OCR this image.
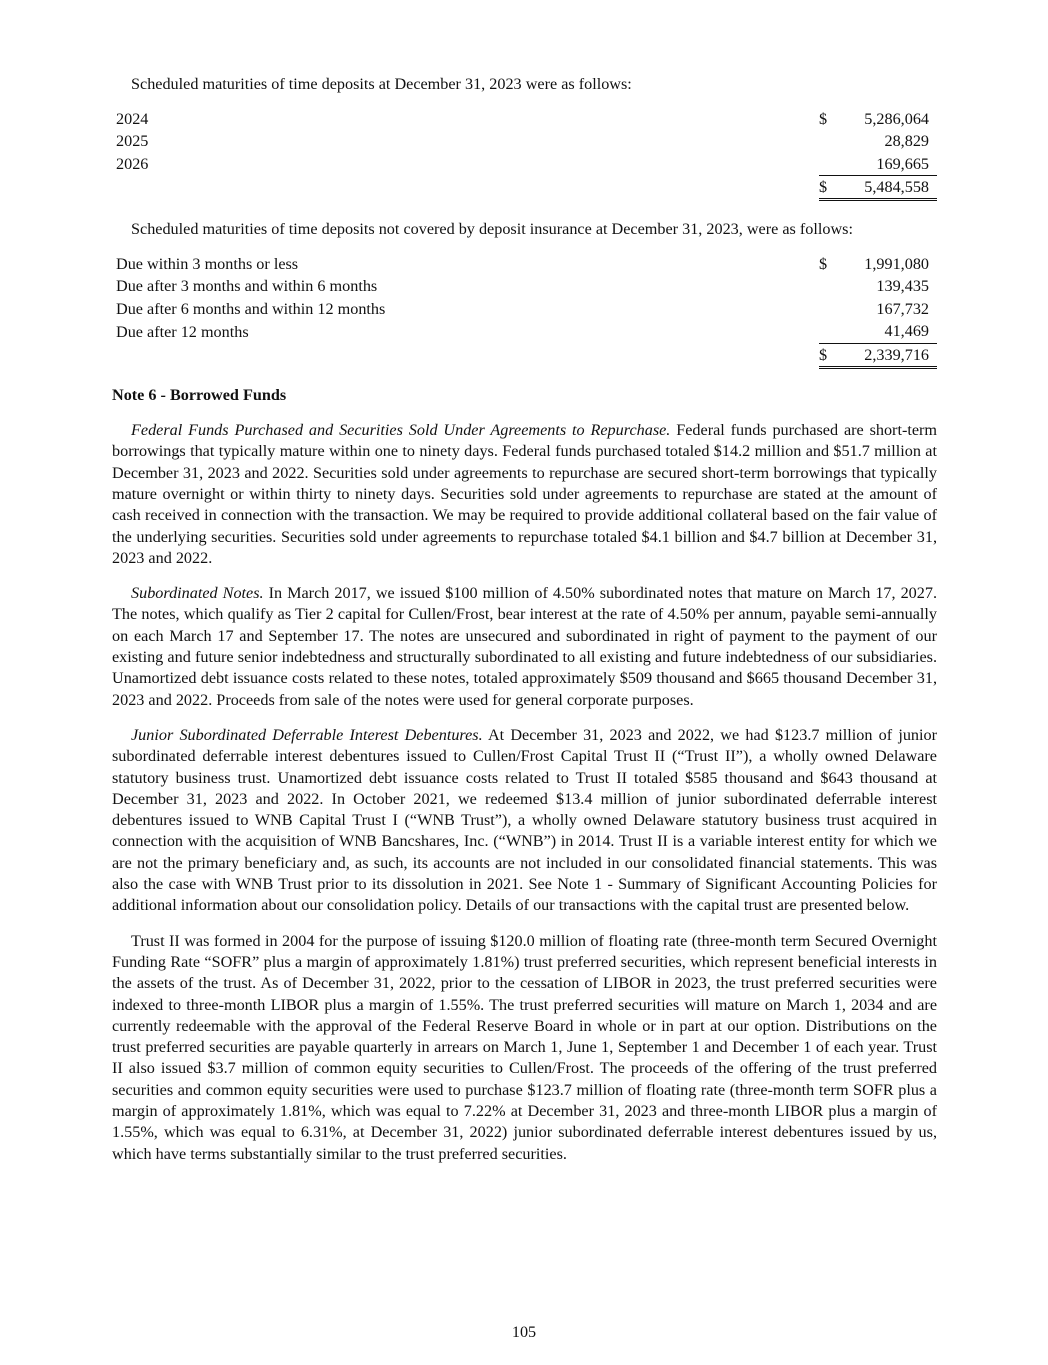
Scheduled maturities of time deposits at December 31, 2023 were as follows:

2024	$	5,286,064
2025		28,829
2026		169,665
	$	5,484,558

Scheduled maturities of time deposits not covered by deposit insurance at December 31, 2023, were as follows:

Due within 3 months or less	$	1,991,080
Due after 3 months and within 6 months		139,435
Due after 6 months and within 12 months		167,732
Due after 12 months		41,469
	$	2,339,716
Note 6 - Borrowed Funds

Federal Funds Purchased and Securities Sold Under Agreements to Repurchase. Federal funds purchased are short-term borrowings that typically mature within one to ninety days. Federal funds purchased totaled $14.2 million and $51.7 million at December 31, 2023 and 2022. Securities sold under agreements to repurchase are secured short-term borrowings that typically mature overnight or within thirty to ninety days. Securities sold under agreements to repurchase are stated at the amount of cash received in connection with the transaction. We may be required to provide additional collateral based on the fair value of the underlying securities. Securities sold under agreements to repurchase totaled $4.1 billion and $4.7 billion at December 31, 2023 and 2022.

Subordinated Notes. In March 2017, we issued $100 million of 4.50% subordinated notes that mature on March 17, 2027. The notes, which qualify as Tier 2 capital for Cullen/Frost, bear interest at the rate of 4.50% per annum, payable semi-annually on each March 17 and September 17. The notes are unsecured and subordinated in right of payment to the payment of our existing and future senior indebtedness and structurally subordinated to all existing and future indebtedness of our subsidiaries. Unamortized debt issuance costs related to these notes, totaled approximately $509 thousand and $665 thousand December 31, 2023 and 2022. Proceeds from sale of the notes were used for general corporate purposes.

Junior Subordinated Deferrable Interest Debentures. At December 31, 2023 and 2022, we had $123.7 million of junior subordinated deferrable interest debentures issued to Cullen/Frost Capital Trust II (“Trust II”), a wholly owned Delaware statutory business trust. Unamortized debt issuance costs related to Trust II totaled $585 thousand and $643 thousand at December 31, 2023 and 2022. In October 2021, we redeemed $13.4 million of junior subordinated deferrable interest debentures issued to WNB Capital Trust I (“WNB Trust”), a wholly owned Delaware statutory business trust acquired in connection with the acquisition of WNB Bancshares, Inc. (“WNB”) in 2014. Trust II is a variable interest entity for which we are not the primary beneficiary and, as such, its accounts are not included in our consolidated financial statements. This was also the case with WNB Trust prior to its dissolution in 2021. See Note 1 - Summary of Significant Accounting Policies for additional information about our consolidation policy. Details of our transactions with the capital trust are presented below.

Trust II was formed in 2004 for the purpose of issuing $120.0 million of floating rate (three-month term Secured Overnight Funding Rate “SOFR” plus a margin of approximately 1.81%) trust preferred securities, which represent beneficial interests in the assets of the trust. As of December 31, 2022, prior to the cessation of LIBOR in 2023, the trust preferred securities were indexed to three-month LIBOR plus a margin of 1.55%. The trust preferred securities will mature on March 1, 2034 and are currently redeemable with the approval of the Federal Reserve Board in whole or in part at our option. Distributions on the trust preferred securities are payable quarterly in arrears on March 1, June 1, September 1 and December 1 of each year. Trust II also issued $3.7 million of common equity securities to Cullen/Frost. The proceeds of the offering of the trust preferred securities and common equity securities were used to purchase $123.7 million of floating rate (three-month term SOFR plus a margin of approximately 1.81%, which was equal to 7.22% at December 31, 2023 and three-month LIBOR plus a margin of 1.55%, which was equal to 6.31%, at December 31, 2022) junior subordinated deferrable interest debentures issued by us, which have terms substantially similar to the trust preferred securities.

105
